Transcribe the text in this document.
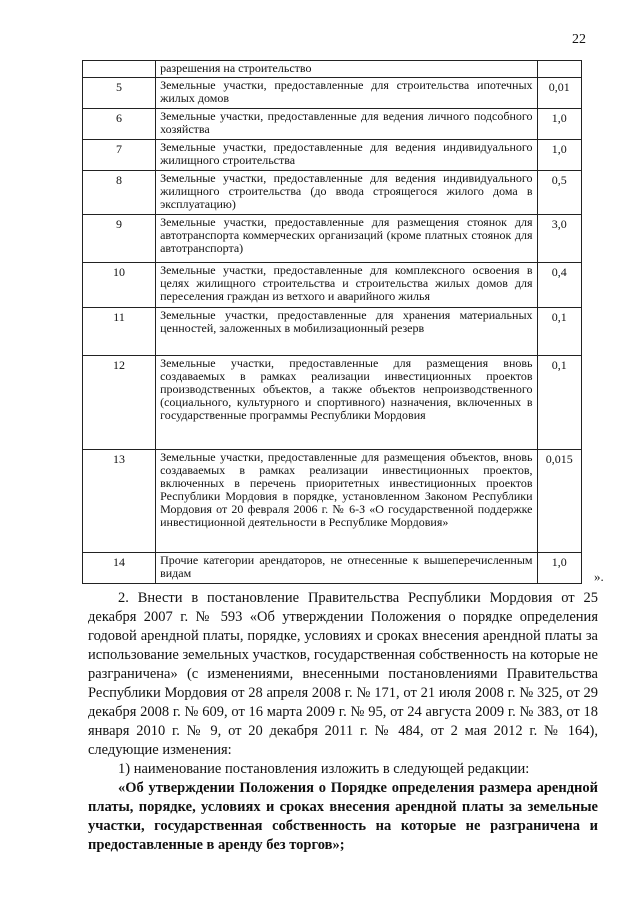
22
	разрешения на строительство	
5	Земельные участки, предоставленные для строительства ипотечных жилых домов	0,01
6	Земельные участки, предоставленные для ведения личного подсобного хозяйства	1,0
7	Земельные участки, предоставленные для ведения индивидуального жилищного строительства	1,0
8	Земельные участки, предоставленные для ведения индивидуального жилищного строительства (до ввода строящегося жилого дома в эксплуатацию)	0,5
9	Земельные участки, предоставленные для размещения стоянок для автотранспорта коммерческих организаций (кроме платных стоянок для автотранспорта)	3,0
10	Земельные участки, предоставленные для комплексного освоения в целях жилищного строительства и строительства жилых домов для переселения граждан из ветхого и аварийного жилья	0,4
11	Земельные участки, предоставленные для хранения материальных ценностей, заложенных в мобилизационный резерв	0,1
12	Земельные участки, предоставленные для размещения вновь создаваемых в рамках реализации инвестиционных проектов производственных объектов, а также объектов непроизводственного (социального, культурного и спортивного) назначения, включенных в государственные программы Республики Мордовия	0,1
13	Земельные участки, предоставленные для размещения объектов, вновь создаваемых в рамках реализации инвестиционных проектов, включенных в перечень приоритетных инвестиционных проектов Республики Мордовия в порядке, установленном Законом Республики Мордовия от 20 февраля 2006 г. № 6-З «О государственной поддержке инвестиционной деятельности в Республике Мордовия»	0,015
14	Прочие категории арендаторов, не отнесенные к вышеперечисленным видам	1,0
».

2. Внести в постановление Правительства Республики Мордовия от 25 декабря 2007 г. № 593 «Об утверждении Положения о порядке определения годовой арендной платы, порядке, условиях и сроках внесения арендной платы за использование земельных участков, государственная собственность на которые не разграничена» (с изменениями, внесенными постановлениями Правительства Республики Мордовия от 28 апреля 2008 г. № 171, от 21 июля 2008 г. № 325, от 29 декабря 2008 г. № 609, от 16 марта 2009 г. № 95, от 24 августа 2009 г. № 383, от 18 января 2010 г. № 9, от 20 декабря 2011 г. № 484, от 2 мая 2012 г. № 164), следующие изменения:

1) наименование постановления изложить в следующей редакции:

«Об утверждении Положения о Порядке определения размера арендной платы, порядке, условиях и сроках внесения арендной платы за земельные участки, государственная собственность на которые не разграничена и предоставленные в аренду без торгов»;
